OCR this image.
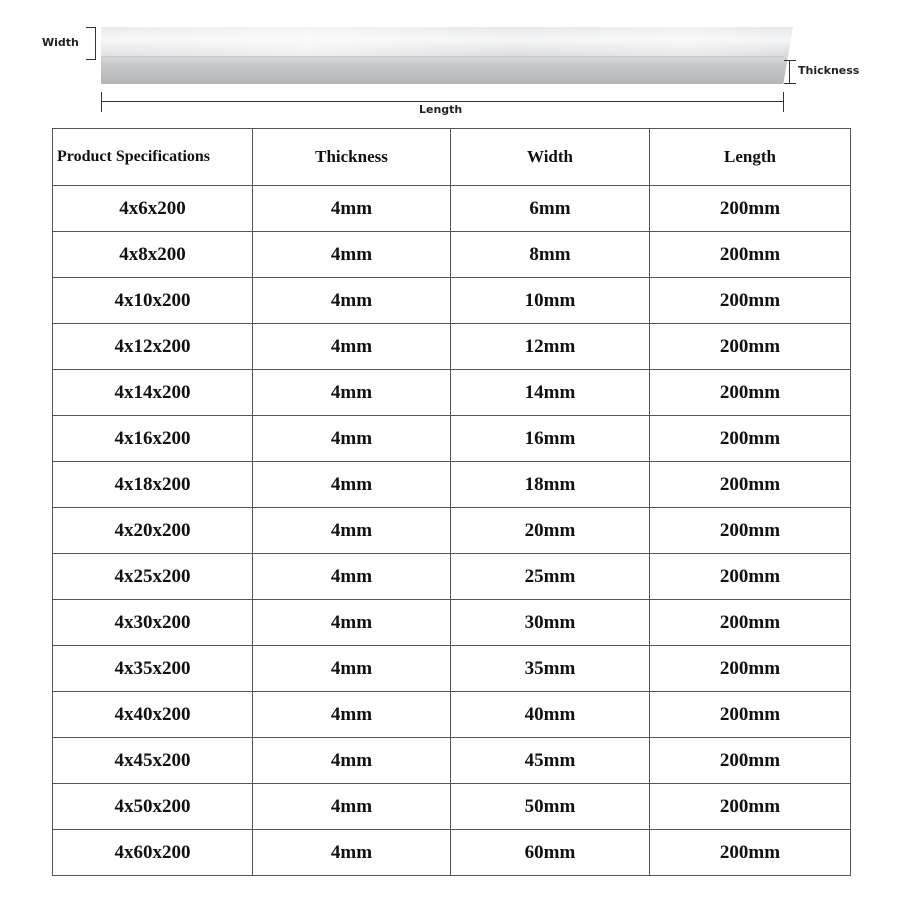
Width
Thickness
Length
Product Specifications	Thickness	Width	Length
4x6x200	4mm	6mm	200mm
4x8x200	4mm	8mm	200mm
4x10x200	4mm	10mm	200mm
4x12x200	4mm	12mm	200mm
4x14x200	4mm	14mm	200mm
4x16x200	4mm	16mm	200mm
4x18x200	4mm	18mm	200mm
4x20x200	4mm	20mm	200mm
4x25x200	4mm	25mm	200mm
4x30x200	4mm	30mm	200mm
4x35x200	4mm	35mm	200mm
4x40x200	4mm	40mm	200mm
4x45x200	4mm	45mm	200mm
4x50x200	4mm	50mm	200mm
4x60x200	4mm	60mm	200mm
